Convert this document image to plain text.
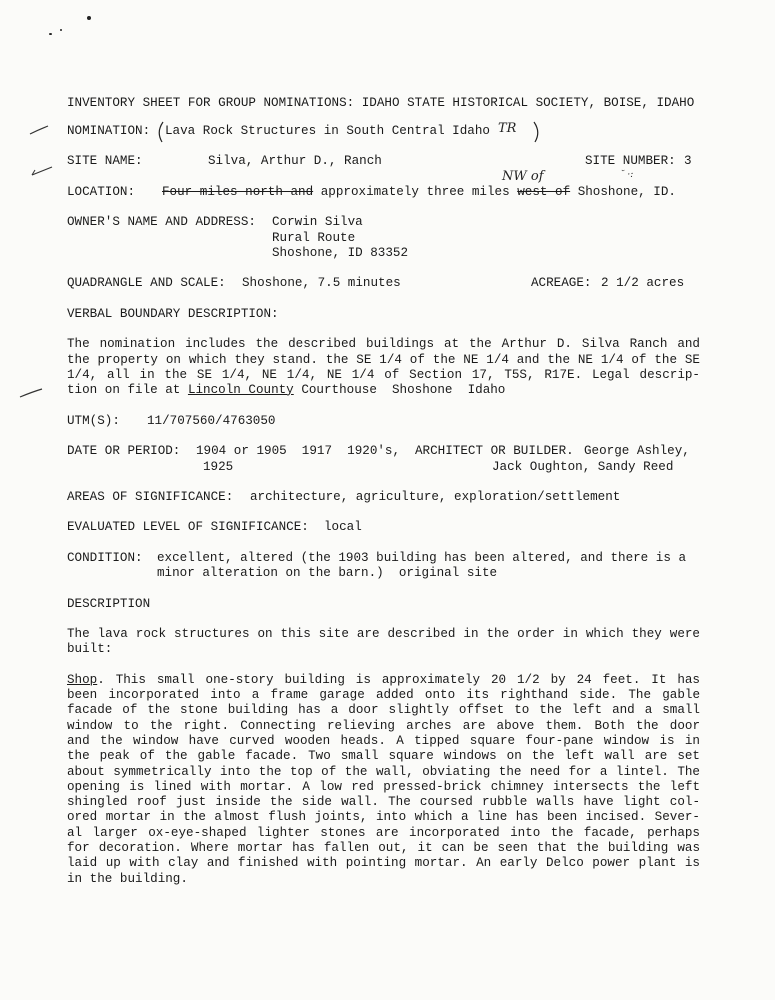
INVENTORY SHEET FOR GROUP NOMINATIONS: IDAHO STATE HISTORICAL SOCIETY, BOISE, IDAHO
NOMINATION: Lava Rock Structures in South Central Idaho TR
SITE NAME:	Silva, Arthur D., Ranch	SITE NUMBER: 3
NW of	˘ ·:
LOCATION: Four miles north and approximately three miles west of Shoshone, ID.
OWNER'S NAME AND ADDRESS: Corwin Silva
Rural Route
Shoshone, ID 83352
QUADRANGLE AND SCALE: Shoshone, 7.5 minutes	ACREAGE: 2 1/2 acres
VERBAL BOUNDARY DESCRIPTION:
The nomination includes the described buildings at the Arthur D. Silva Ranch and
the property on which they stand. the SE 1/4 of the NE 1/4 and the NE 1/4 of the SE
1/4, all in the SE 1/4, NE 1/4, NE 1/4 of Section 17, T5S, R17E. Legal descrip-
tion on file at Lincoln County Courthouse  Shoshone  Idaho
UTM(S): 11/707560/4763050
DATE OR PERIOD: 1904 or 1905  1917  1920's, ARCHITECT OR BUILDER. George Ashley,
1925	Jack Oughton, Sandy Reed
AREAS OF SIGNIFICANCE: architecture, agriculture, exploration/settlement
EVALUATED LEVEL OF SIGNIFICANCE: local
CONDITION: excellent, altered (the 1903 building has been altered, and there is a
minor alteration on the barn.)  original site
DESCRIPTION
The lava rock structures on this site are described in the order in which they were
built:
Shop. This small one-story building is approximately 20 1/2 by 24 feet. It has
been incorporated into a frame garage added onto its righthand side. The gable
facade of the stone building has a door slightly offset to the left and a small
window to the right. Connecting relieving arches are above them. Both the door
and the window have curved wooden heads. A tipped square four-pane window is in
the peak of the gable facade. Two small square windows on the left wall are set
about symmetrically into the top of the wall, obviating the need for a lintel. The
opening is lined with mortar. A low red pressed-brick chimney intersects the left
shingled roof just inside the side wall. The coursed rubble walls have light col-
ored mortar in the almost flush joints, into which a line has been incised. Sever-
al larger ox-eye-shaped lighter stones are incorporated into the facade, perhaps
for decoration. Where mortar has fallen out, it can be seen that the building was
laid up with clay and finished with pointing mortar. An early Delco power plant is
in the building.
